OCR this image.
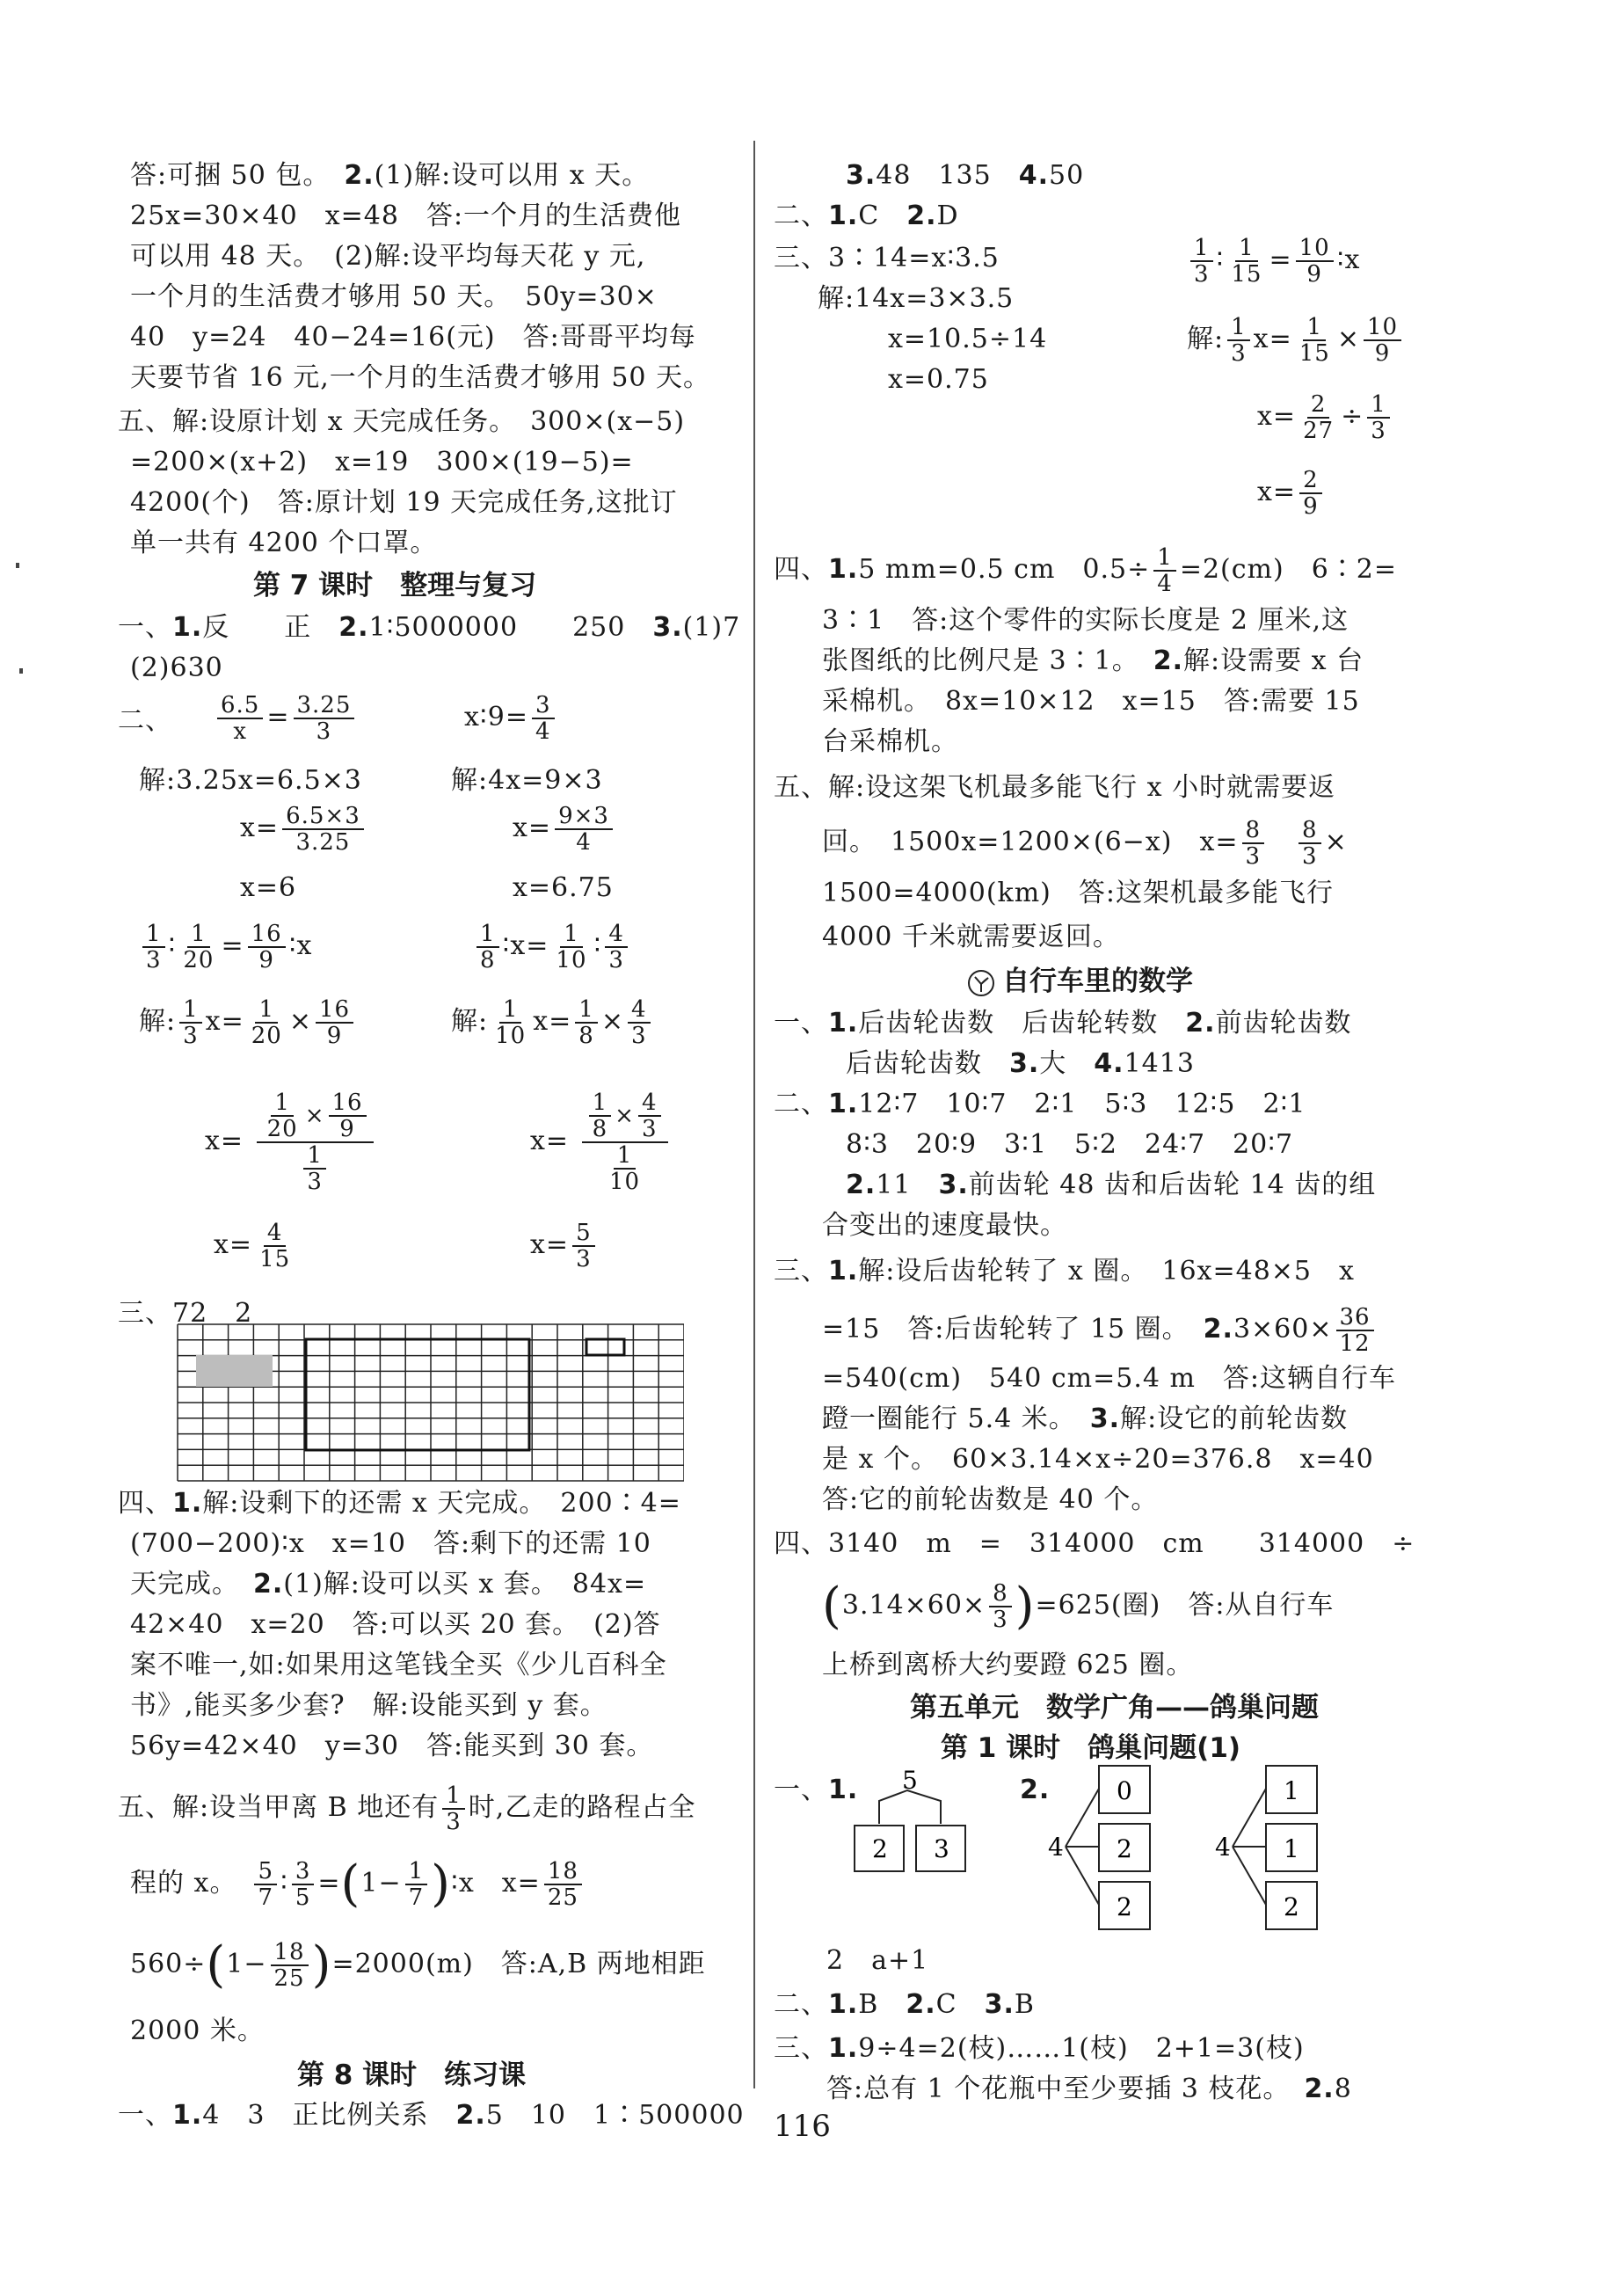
答:可捆 50 包。　 2.(1)解:设可以用 x 天。
25x=30×40　x=48　答:一个月的生活费他
可以用 48 天。　(2)解:设平均每天花 y 元,
一个月的生活费才够用 50 天。　50y=30×
40　y=24　40−24=16(元)　答:哥哥平均每
天要节省 16 元,一个月的生活费才够用 50 天。
五、解:设原计划 x 天完成任务。　300×(x−5)
=200×(x+2)　x=19　300×(19−5)=
4200(个)　答:原计划 19 天完成任务,这批订
单一共有 4200 个口罩。
第 7 课时　整理与复习
一、1.反　　正　2.1∶5000000　　250　3.(1)7
(2)630
二、 $\frac{6.5}{x} = \frac{3.25}{3}$	x∶9= $\frac{3}{4}$
解:3.25x=6.5×3	解:4x=9×3
$x= \frac{6.5\times 3}{3.25}$	$x= \frac{9\times 3}{4}$
x=6	x=6.75
$\frac{1}{3}$ ∶ $\frac{1}{20} = \frac{16}{9}$ ∶x	$\frac{1}{8}$ ∶x= $\frac{1}{10}$ ∶ $\frac{4}{3}$
解: $\frac{1}{3} x= \frac{1}{20} \times \frac{16}{9}$	解: $\frac{1}{10} x= \frac{1}{8} \times \frac{4}{3}$
$x= \frac{\frac{1}{20} \times \frac{16}{9}}{\frac{1}{3}}$	$x= \frac{\frac{1}{8} \times \frac{4}{3}}{\frac{1}{10}}$
$x= \frac{4}{15}$	$x= \frac{5}{3}$
三、72　2
四、1.解:设剩下的还需 x 天完成。　200∶4=
(700−200)∶x　x=10　答:剩下的还需 10
天完成。　2.(1)解:设可以买 x 套。　84x=
42×40　x=20　答:可以买 20 套。　(2)答
案不唯一,如:如果用这笔钱全买《少儿百科全
书》,能买多少套?　解:设能买到 y 套。
56y=42×40　y=30　答:能买到 30 套。
五、解:设当甲离 B 地还有 $\frac{1}{3}$ 时,乙走的路程占全
程的 x。　 $\frac{5}{7}$ ∶ $\frac{3}{5} =(1- \frac{1}{7}$ )∶x　$x= \frac{18}{25}$
$560\div(1- \frac{18}{25} )=2000(m)$　答:A,B 两地相距
2000 米。
第 8 课时　练习课
一、1.4　3　正比例关系　2.5　10　1∶500000
3.48　135　4.50
二、1.C　2.D
三、3∶14=x∶3.5
解:14x=3×3.5
x=10.5÷14
x=0.75
$\frac{1}{3}$ ∶ $\frac{1}{15} = \frac{10}{9}$ ∶x
解: $\frac{1}{3} x= \frac{1}{15} \times \frac{10}{9}$
$x= \frac{2}{27} \div \frac{1}{3}$
$x= \frac{2}{9}$
四、1.5 mm=0.5 cm　$0.5\div \frac{1}{4} =2(cm)$　6∶2=
3∶1　答:这个零件的实际长度是 2 厘米,这
张图纸的比例尺是 3∶1。　2.解:设需要 x 台
采棉机。　8x=10×12　x=15　答:需要 15
台采棉机。
五、解:设这架飞机最多能飞行 x 小时就需要返
回。　1500x=1200×(6−x)　$x= \frac{8}{3}$
　 $\frac{8}{3}$ ×
1500=4000(km)　答:这架机最多能飞行
4000 千米就需要返回。
自行车里的数学
一、1.后齿轮齿数　后齿轮转数　2.前齿轮齿数
后齿轮齿数　3.大　4.1413
二、1.12∶7　10∶7　2∶1　5∶3　12∶5　2∶1
8∶3　20∶9　3∶1　5∶2　24∶7　20∶7
2.11　3.前齿轮 48 齿和后齿轮 14 齿的组
合变出的速度最快。
三、1.解:设后齿轮转了 x 圈。　16x=48×5　x
=15　答:后齿轮转了 15 圈。　$2.3\times 60\times \frac{36}{12}$
=540(cm)　540 cm=5.4 m　答:这辆自行车
蹬一圈能行 5.4 米。　3.解:设它的前轮齿数
是 x 个。　60×3.14×x÷20=376.8　x=40
答:它的前轮齿数是 40 个。
四、3140　m　=　314000　cm　　314000　÷
$(3.14\times 60\times \frac{8}{3} )=625$(圈)　答:从自行车
上桥到离桥大约要蹬 625 圈。
第五单元　数学广角——鸽巢问题
第 1 课时　鸽巢问题(1)
一、1. 5
2 3
2.
4
0
2
2
4
1
1
2
2　a+1
二、1.B　2.C　3.B
三、1.9÷4=2(枝)……1(枝)　2+1=3(枝)
答:总有 1 个花瓶中至少要插 3 枝花。　2.8
116
